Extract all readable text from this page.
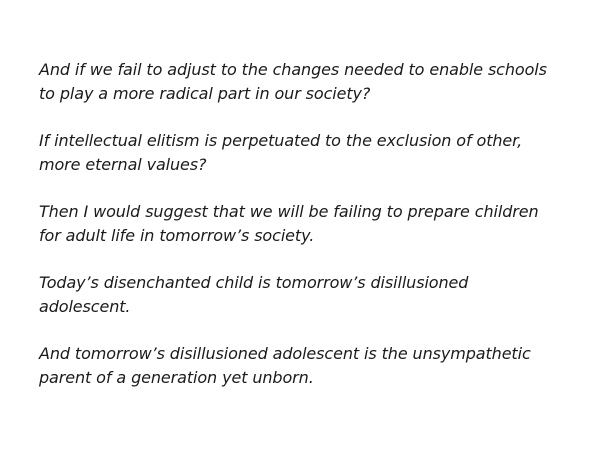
And if we fail to adjust to the changes needed to enable schools
to play a more radical part in our society?
If intellectual elitism is perpetuated to the exclusion of other,
more eternal values?
Then I would suggest that we will be failing to prepare children
for adult life in tomorrow’s society.
Today’s disenchanted child is tomorrow’s disillusioned
adolescent.
And tomorrow’s disillusioned adolescent is the unsympathetic
parent of a generation yet unborn.
